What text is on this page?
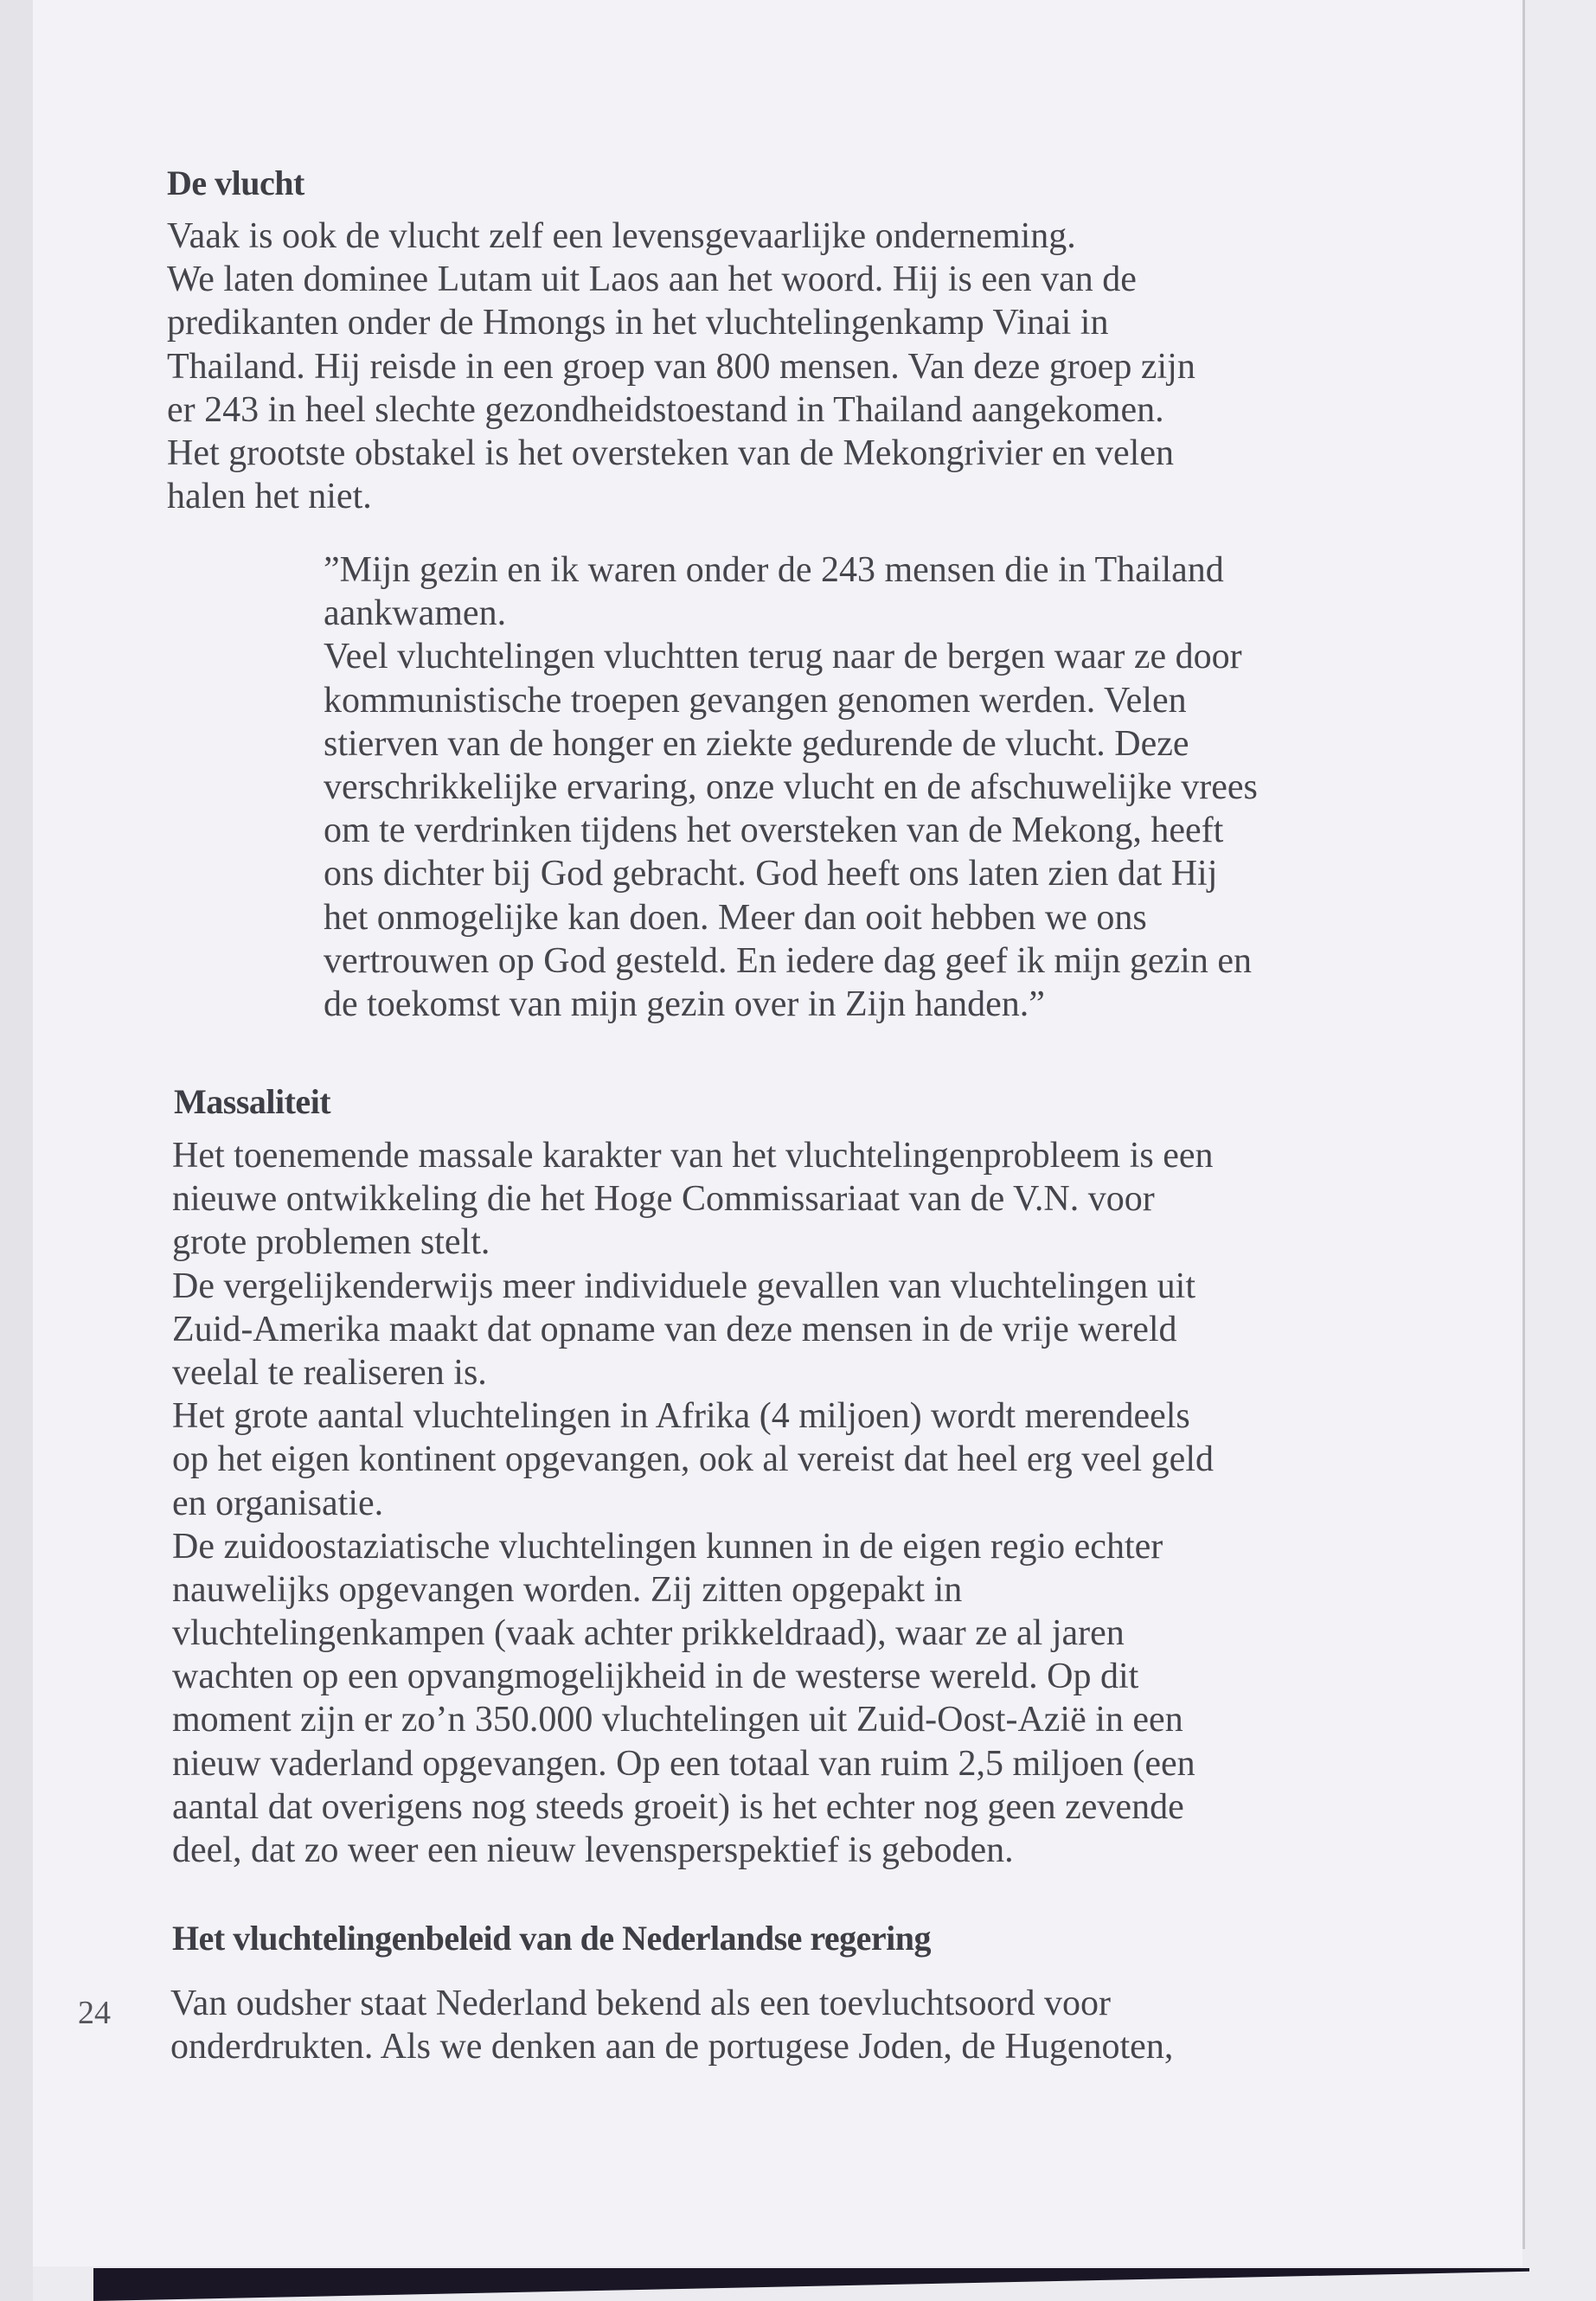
De vlucht
Vaak is ook de vlucht zelf een levensgevaarlijke onderneming.
We laten dominee Lutam uit Laos aan het woord. Hij is een van de
predikanten onder de Hmongs in het vluchtelingenkamp Vinai in
Thailand. Hij reisde in een groep van 800 mensen. Van deze groep zijn
er 243 in heel slechte gezondheidstoestand in Thailand aangekomen.
Het grootste obstakel is het oversteken van de Mekongrivier en velen
halen het niet.
”Mijn gezin en ik waren onder de 243 mensen die in Thailand
aankwamen.
Veel vluchtelingen vluchtten terug naar de bergen waar ze door
kommunistische troepen gevangen genomen werden. Velen
stierven van de honger en ziekte gedurende de vlucht. Deze
verschrikkelijke ervaring, onze vlucht en de afschuwelijke vrees
om te verdrinken tijdens het oversteken van de Mekong, heeft
ons dichter bij God gebracht. God heeft ons laten zien dat Hij
het onmogelijke kan doen. Meer dan ooit hebben we ons
vertrouwen op God gesteld. En iedere dag geef ik mijn gezin en
de toekomst van mijn gezin over in Zijn handen.”
Massaliteit
Het toenemende massale karakter van het vluchtelingenprobleem is een
nieuwe ontwikkeling die het Hoge Commissariaat van de V.N. voor
grote problemen stelt.
De vergelijkenderwijs meer individuele gevallen van vluchtelingen uit
Zuid-Amerika maakt dat opname van deze mensen in de vrije wereld
veelal te realiseren is.
Het grote aantal vluchtelingen in Afrika (4 miljoen) wordt merendeels
op het eigen kontinent opgevangen, ook al vereist dat heel erg veel geld
en organisatie.
De zuidoostaziatische vluchtelingen kunnen in de eigen regio echter
nauwelijks opgevangen worden. Zij zitten opgepakt in
vluchtelingenkampen (vaak achter prikkeldraad), waar ze al jaren
wachten op een opvangmogelijkheid in de westerse wereld. Op dit
moment zijn er zo’n 350.000 vluchtelingen uit Zuid-Oost-Azië in een
nieuw vaderland opgevangen. Op een totaal van ruim 2,5 miljoen (een
aantal dat overigens nog steeds groeit) is het echter nog geen zevende
deel, dat zo weer een nieuw levensperspektief is geboden.
Het vluchtelingenbeleid van de Nederlandse regering
Van oudsher staat Nederland bekend als een toevluchtsoord voor
onderdrukten. Als we denken aan de portugese Joden, de Hugenoten,
24
